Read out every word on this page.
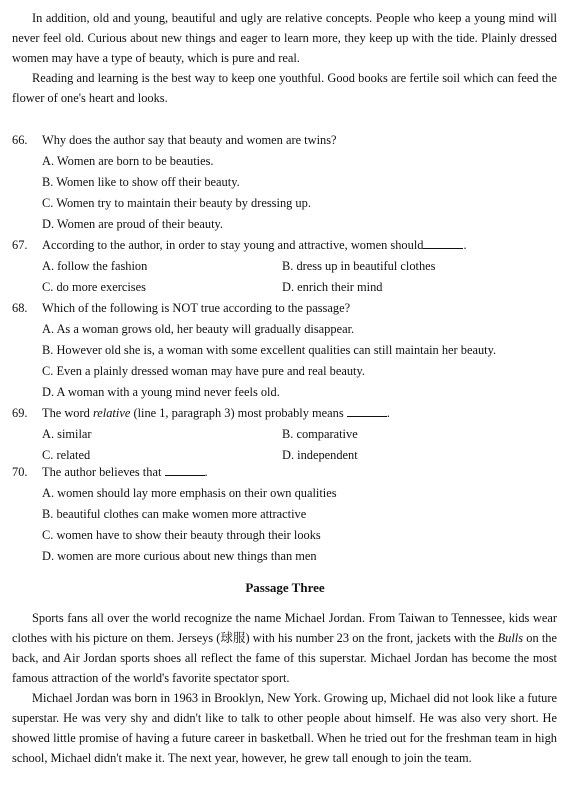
In addition, old and young, beautiful and ugly are relative concepts. People who keep a young mind will never feel old. Curious about new things and eager to learn more, they keep up with the tide. Plainly dressed women may have a type of beauty, which is pure and real.

Reading and learning is the best way to keep one youthful. Good books are fertile soil which can feed the flower of one's heart and looks.

66. Why does the author say that beauty and women are twins?
A. Women are born to be beauties.
B. Women like to show off their beauty.
C. Women try to maintain their beauty by dressing up.
D. Women are proud of their beauty.
67. According to the author, in order to stay young and attractive, women should	.
A. follow the fashion	B. dress up in beautiful clothes
C. do more exercises	D. enrich their mind
68. Which of the following is NOT true according to the passage?
A. As a woman grows old, her beauty will gradually disappear.
B. However old she is, a woman with some excellent qualities can still maintain her beauty.
C. Even a plainly dressed woman may have pure and real beauty.
D. A woman with a young mind never feels old.
69. The word relative (line 1, paragraph 3) most probably means	.
A. similar	B. comparative
C. related	D. independent
70. The author believes that	.
A. women should lay more emphasis on their own qualities
B. beautiful clothes can make women more attractive
C. women have to show their beauty through their looks
D. women are more curious about new things than men
Passage Three

Sports fans all over the world recognize the name Michael Jordan. From Taiwan to Tennessee, kids wear clothes with his picture on them. Jerseys (球服) with his number 23 on the front, jackets with the Bulls on the back, and Air Jordan sports shoes all reflect the fame of this superstar. Michael Jordan has become the most famous attraction of the world's favorite spectator sport.

Michael Jordan was born in 1963 in Brooklyn, New York. Growing up, Michael did not look like a future superstar. He was very shy and didn't like to talk to other people about himself. He was also very short. He showed little promise of having a future career in basketball. When he tried out for the freshman team in high school, Michael didn't make it. The next year, however, he grew tall enough to join the team.
